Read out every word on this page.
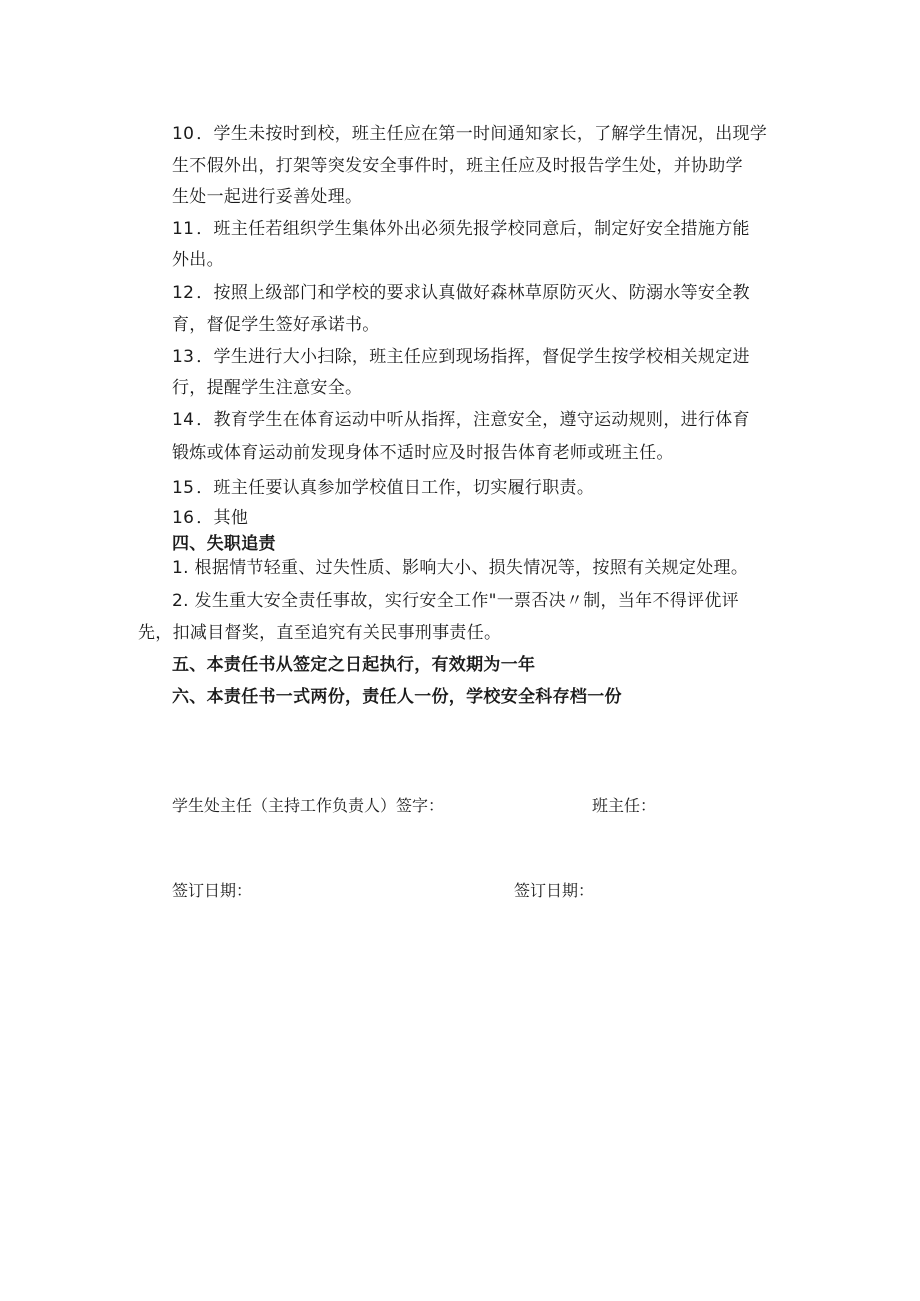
10 ．学生未按时到校，班主任应在第一时间通知家长，了解学生情况，出现学
生不假外出，打架等突发安全事件时，班主任应及时报告学生处，并协助学
生处一起进行妥善处理。
11 ．班主任若组织学生集体外出必须先报学校同意后，制定好安全措施方能
外出。
12 ．按照上级部门和学校的要求认真做好森林草原防灭火、防溺水等安全教
育，督促学生签好承诺书。
13 ．学生进行大小扫除，班主任应到现场指挥，督促学生按学校相关规定进
行，提醒学生注意安全。
14 ．教育学生在体育运动中听从指挥，注意安全，遵守运动规则，进行体育
锻炼或体育运动前发现身体不适时应及时报告体育老师或班主任。
15 ．班主任要认真参加学校值日工作，切实履行职责。
16 ．其他
四、失职追责
1. 根据情节轻重、过失性质、影响大小、损失情况等，按照有关规定处理。
2. 发生重大安全责任事故，实行安全工作"一票否决〃制，当年不得评优评
先，扣减目督奖，直至追究有关民事刑事责任。
五、本责任书从签定之日起执行，有效期为一年
六、本责任书一式两份，责任人一份，学校安全科存档一份
学生处主任（主持工作负责人）签字：	班主任：
签订日期：	签订日期：
